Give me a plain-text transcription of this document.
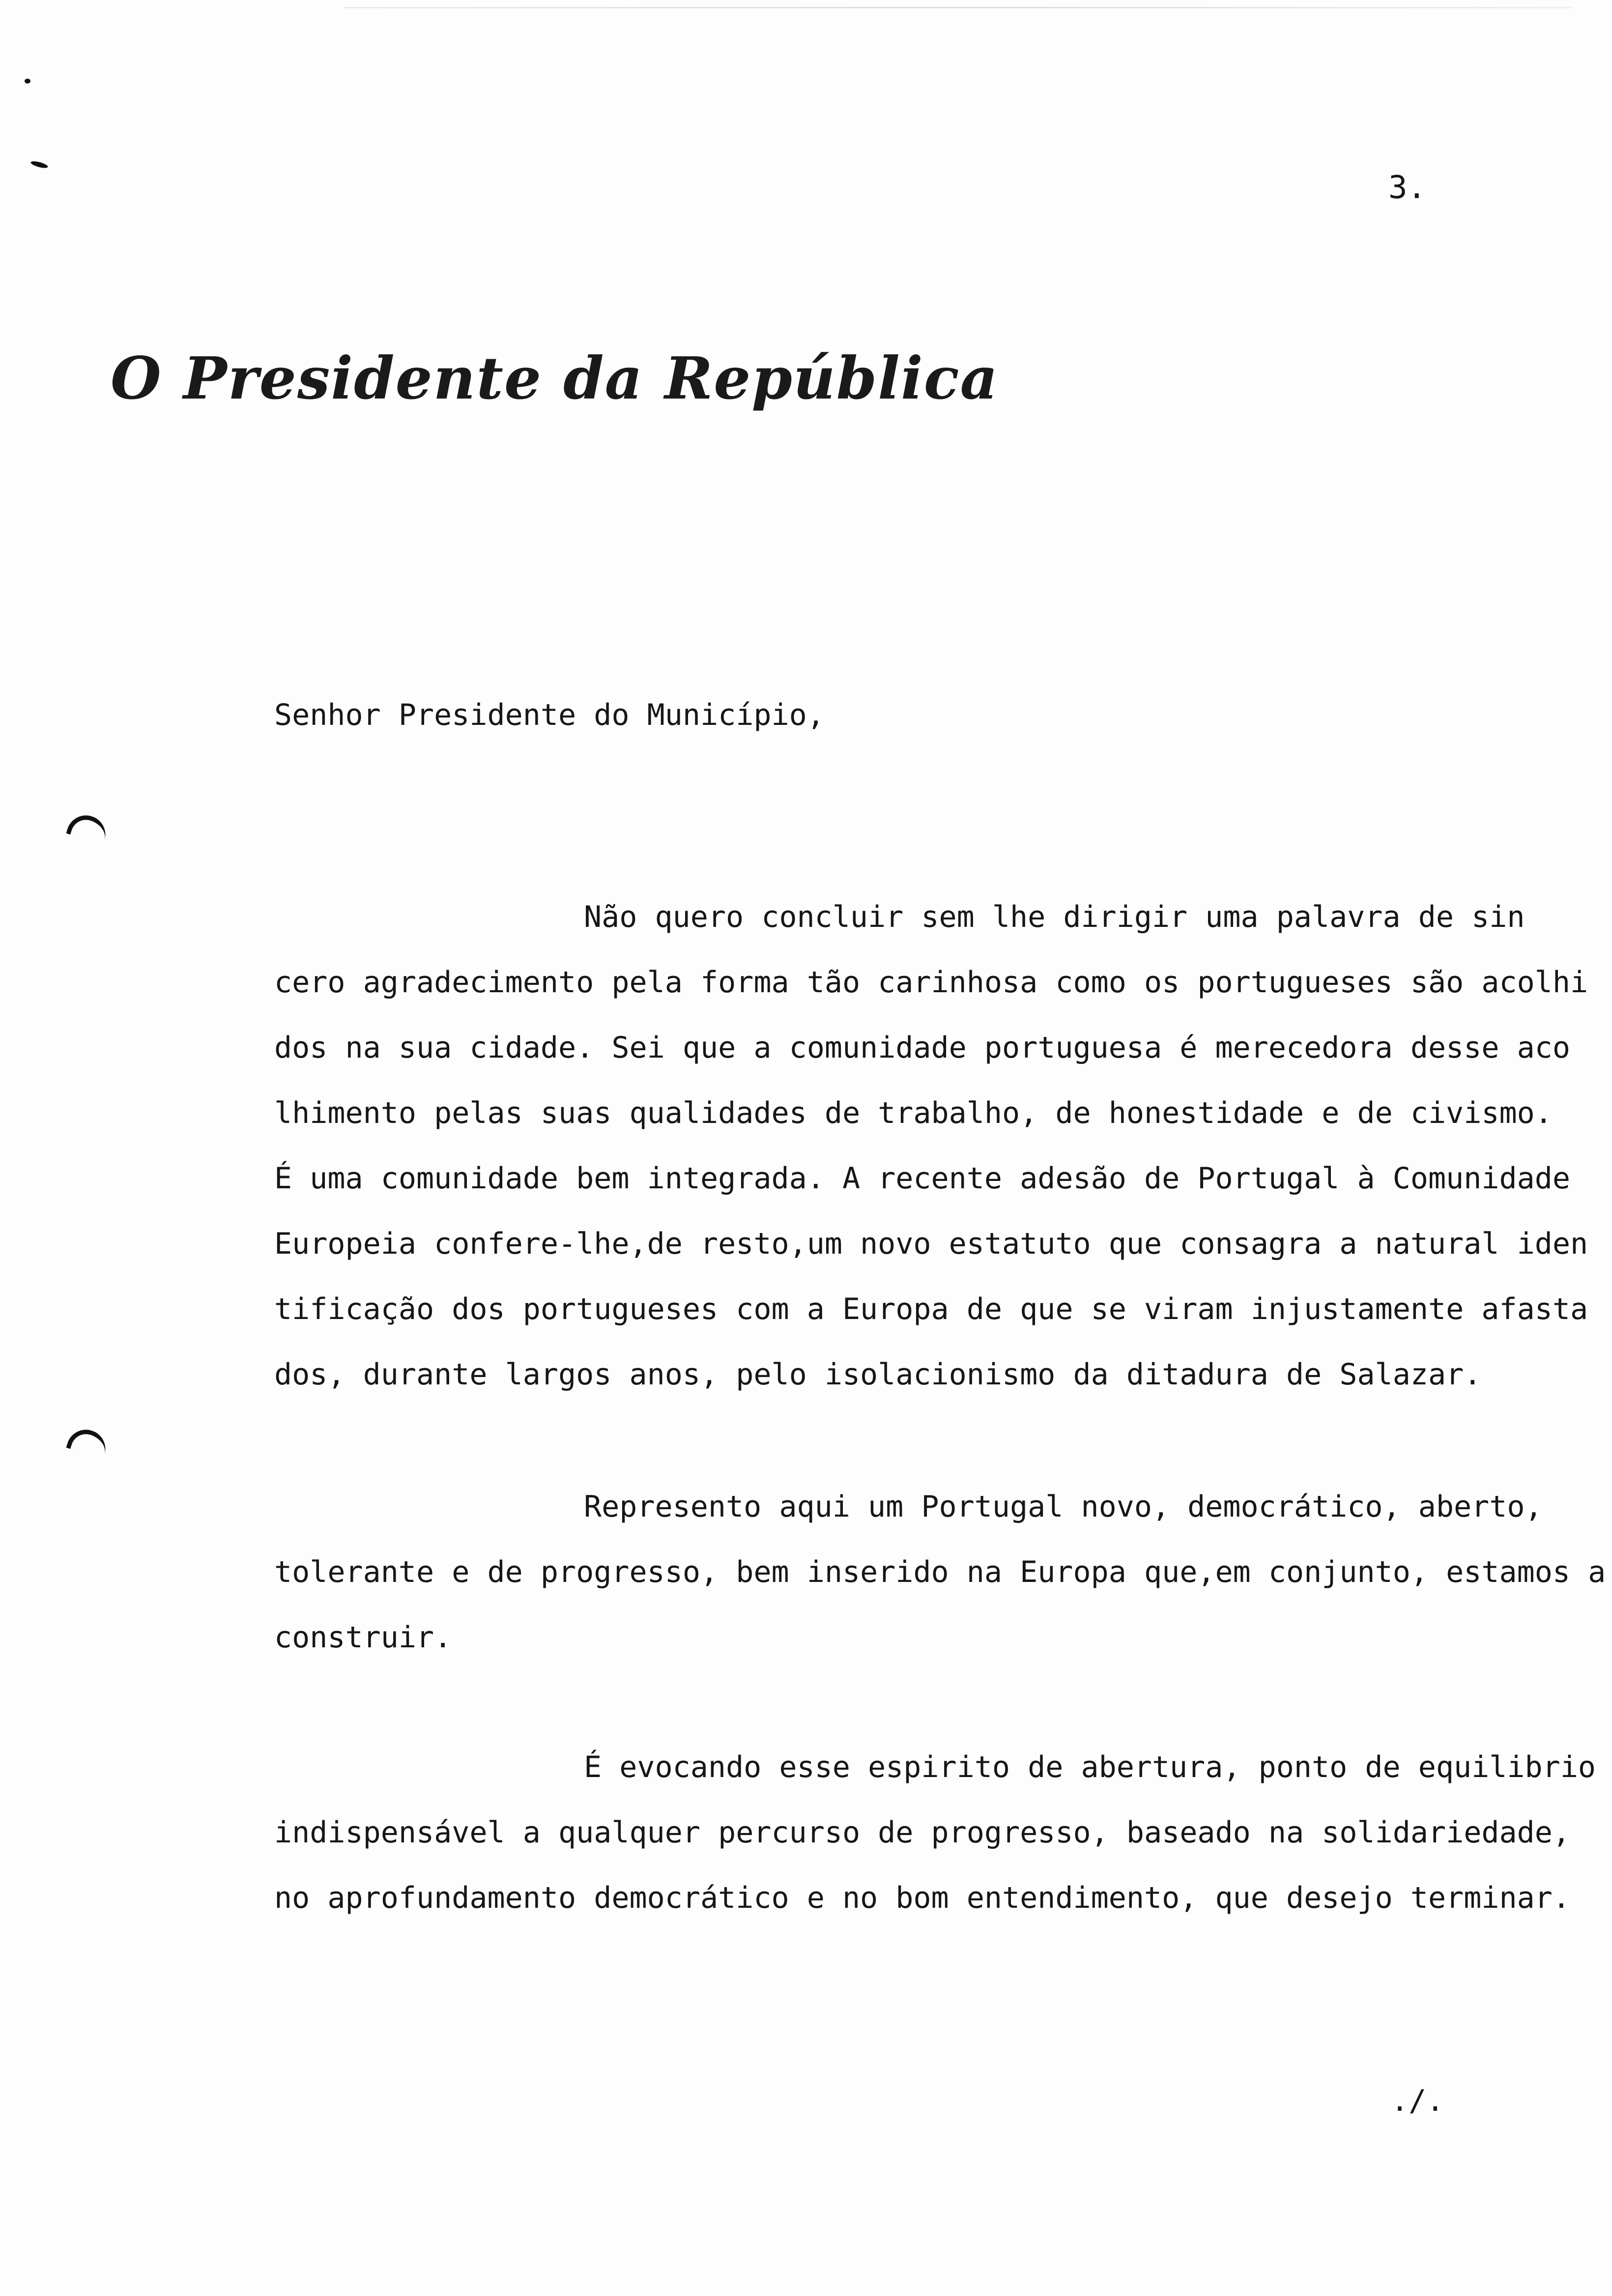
3.

O Presidente da República

Senhor Presidente do Município,

Não quero concluir sem lhe dirigir uma palavra de sin
cero agradecimento pela forma tão carinhosa como os portugueses são acolhi
dos na sua cidade. Sei que a comunidade portuguesa é merecedora desse aco
lhimento pelas suas qualidades de trabalho, de honestidade e de civismo.
É uma comunidade bem integrada. A recente adesão de Portugal à Comunidade
Europeia confere-lhe,de resto,um novo estatuto que consagra a natural iden
tificação dos portugueses com a Europa de que se viram injustamente afasta
dos, durante largos anos, pelo isolacionismo da ditadura de Salazar.

Represento aqui um Portugal novo, democrático, aberto,
tolerante e de progresso, bem inserido na Europa que,em conjunto, estamos a
construir.

É evocando esse espirito de abertura, ponto de equilibrio
indispensável a qualquer percurso de progresso, baseado na solidariedade,
no aprofundamento democrático e no bom entendimento, que desejo terminar.

./.
